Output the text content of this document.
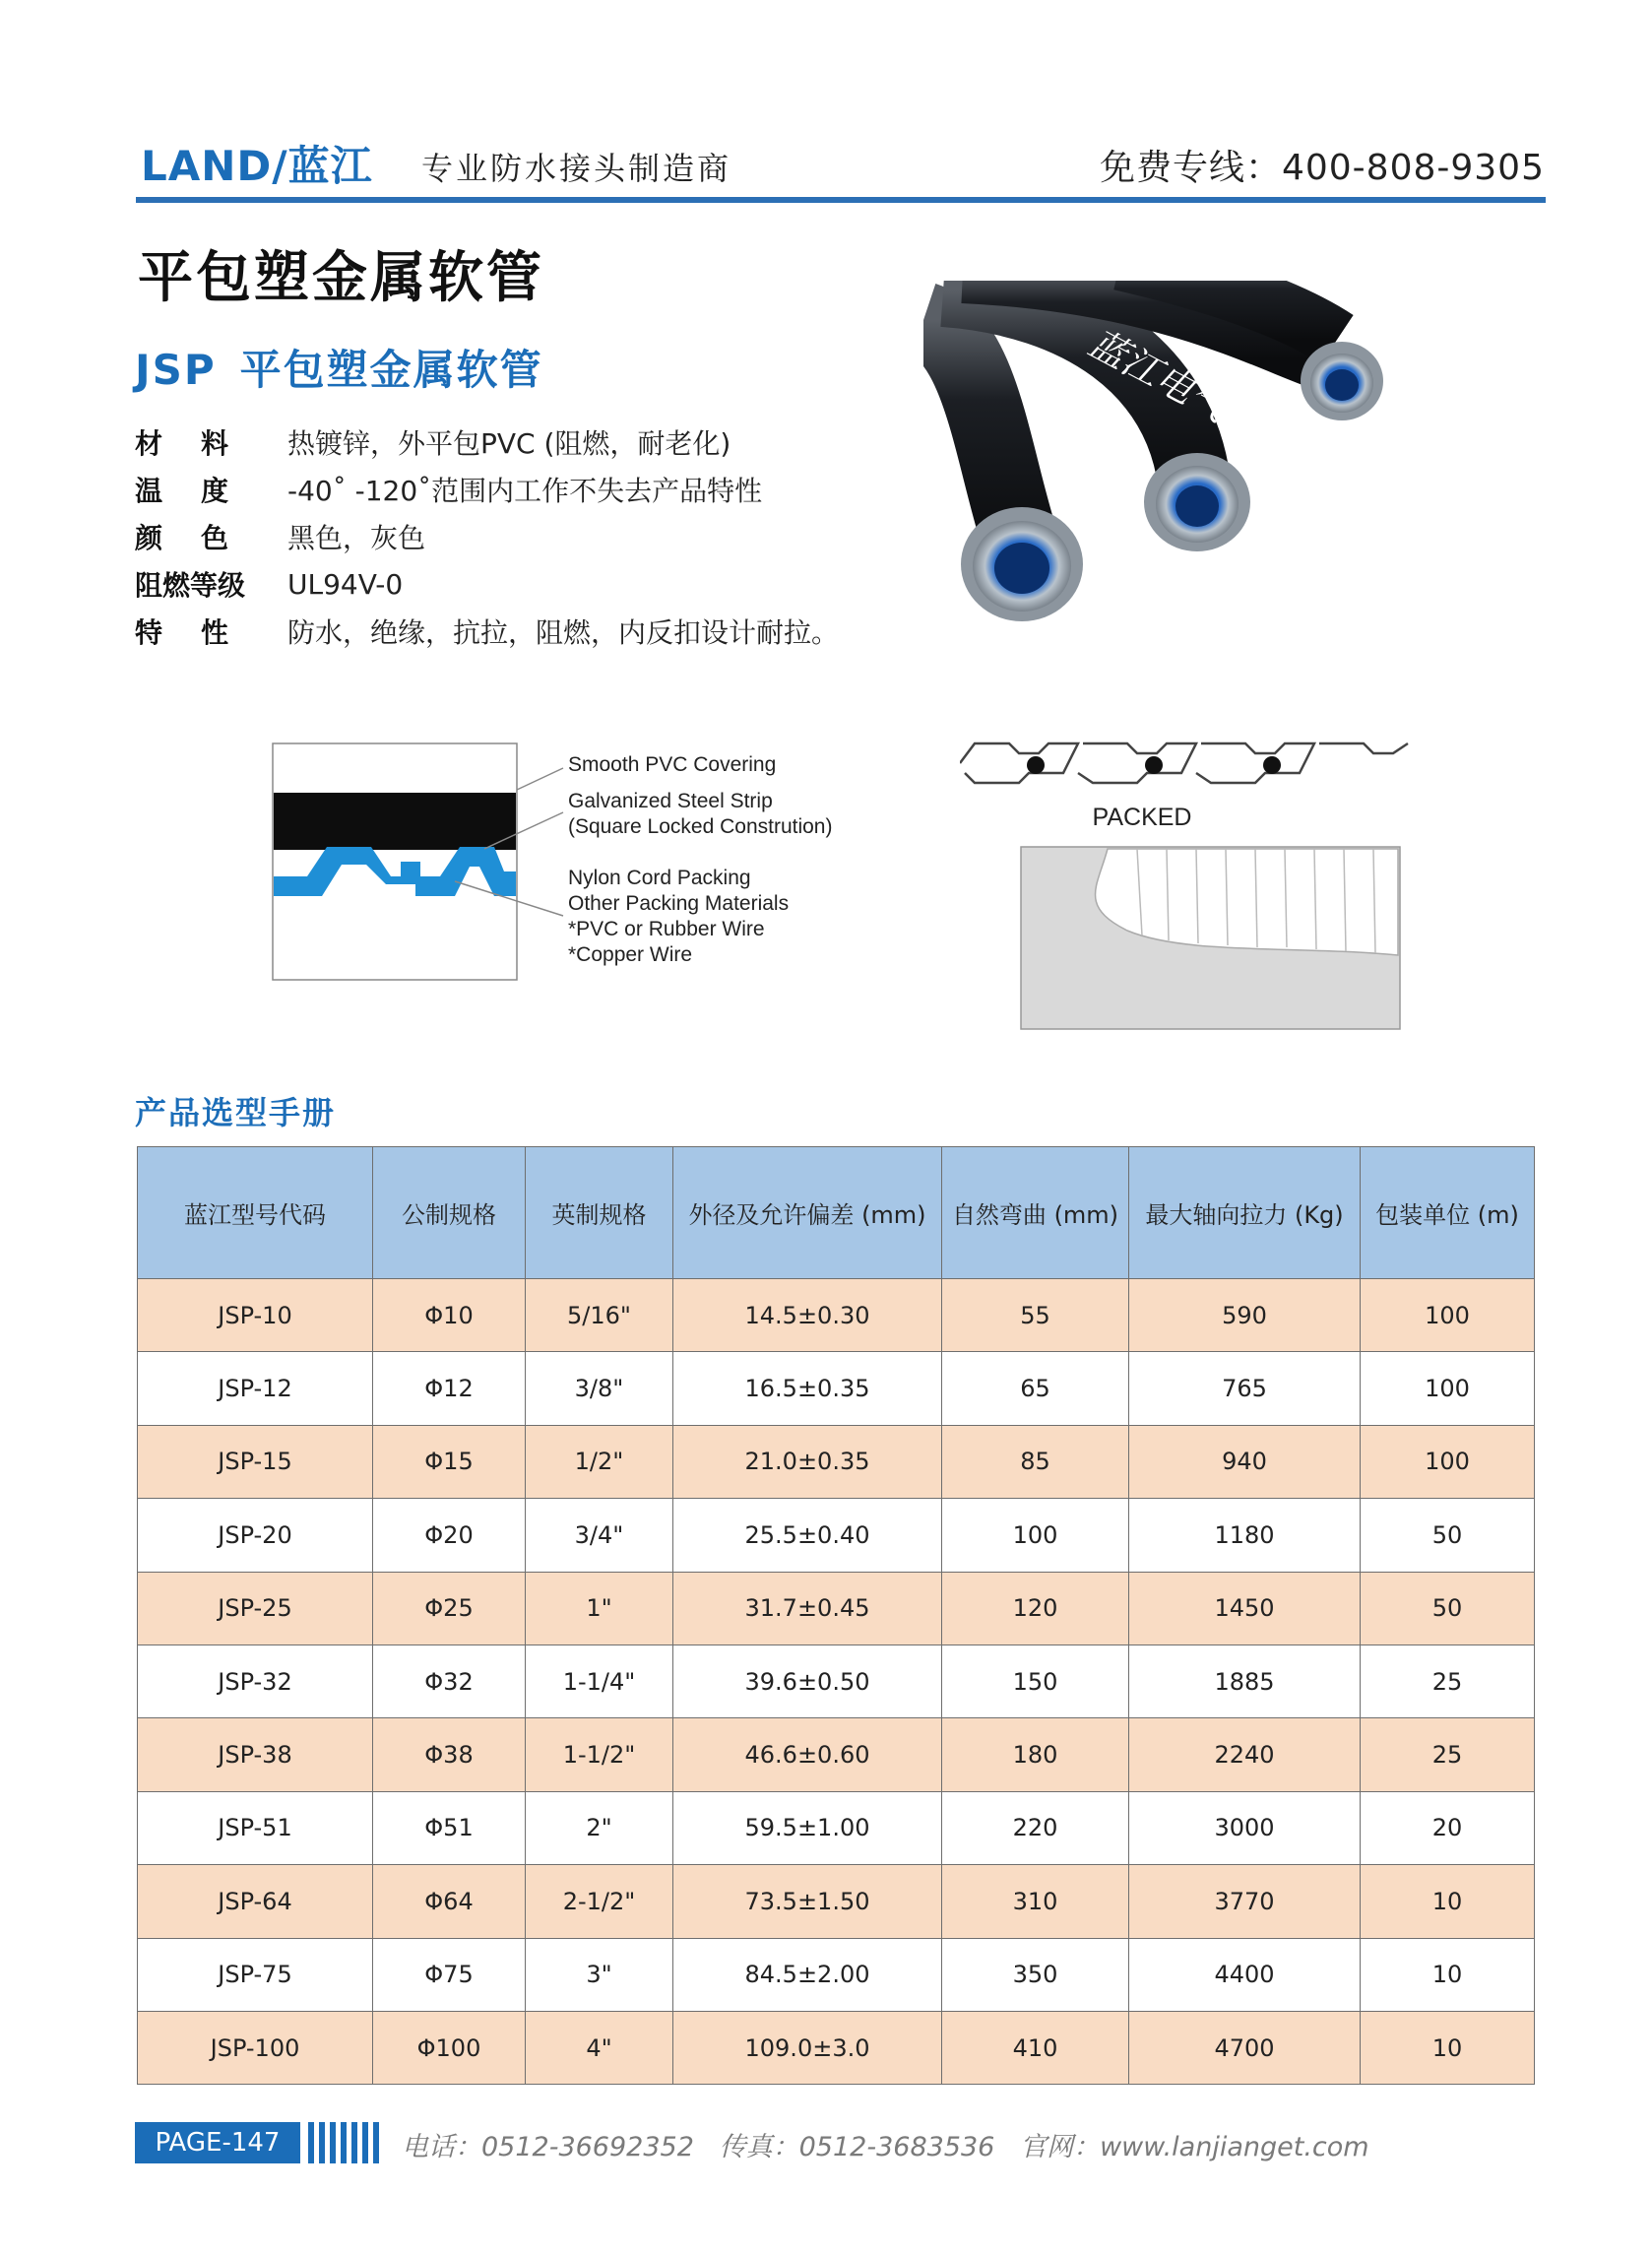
LAND/蓝江 专业防水接头制造商	免费专线：400-808-9305
平包塑金属软管
JSP 平包塑金属软管
材    料	热镀锌，外平包PVC (阻燃，耐老化)
温    度	-40˚ -120˚范围内工作不失去产品特性
颜    色	黑色，灰色
阻燃等级	UL94V-0
特    性	防水，绝缘，抗拉，阻燃，内反扣设计耐拉。
蓝江电气
Smooth PVC Covering
Galvanized Steel Strip
(Square Locked Constrution)
Nylon Cord Packing
Other Packing Materials
*PVC or Rubber Wire
*Copper Wire
PACKED
产品选型手册
蓝江型号代码	公制规格	英制规格	外径及允许偏差 (mm)	自然弯曲 (mm)	最大轴向拉力 (Kg)	包装单位 (m)
JSP-10	Φ10	5/16"	14.5±0.30	55	590	100
JSP-12	Φ12	3/8"	16.5±0.35	65	765	100
JSP-15	Φ15	1/2"	21.0±0.35	85	940	100
JSP-20	Φ20	3/4"	25.5±0.40	100	1180	50
JSP-25	Φ25	1"	31.7±0.45	120	1450	50
JSP-32	Φ32	1-1/4"	39.6±0.50	150	1885	25
JSP-38	Φ38	1-1/2"	46.6±0.60	180	2240	25
JSP-51	Φ51	2"	59.5±1.00	220	3000	20
JSP-64	Φ64	2-1/2"	73.5±1.50	310	3770	10
JSP-75	Φ75	3"	84.5±2.00	350	4400	10
JSP-100	Φ100	4"	109.0±3.0	410	4700	10
PAGE-147	电话：0512-36692352   传真：0512-3683536   官网：www.lanjianget.com
